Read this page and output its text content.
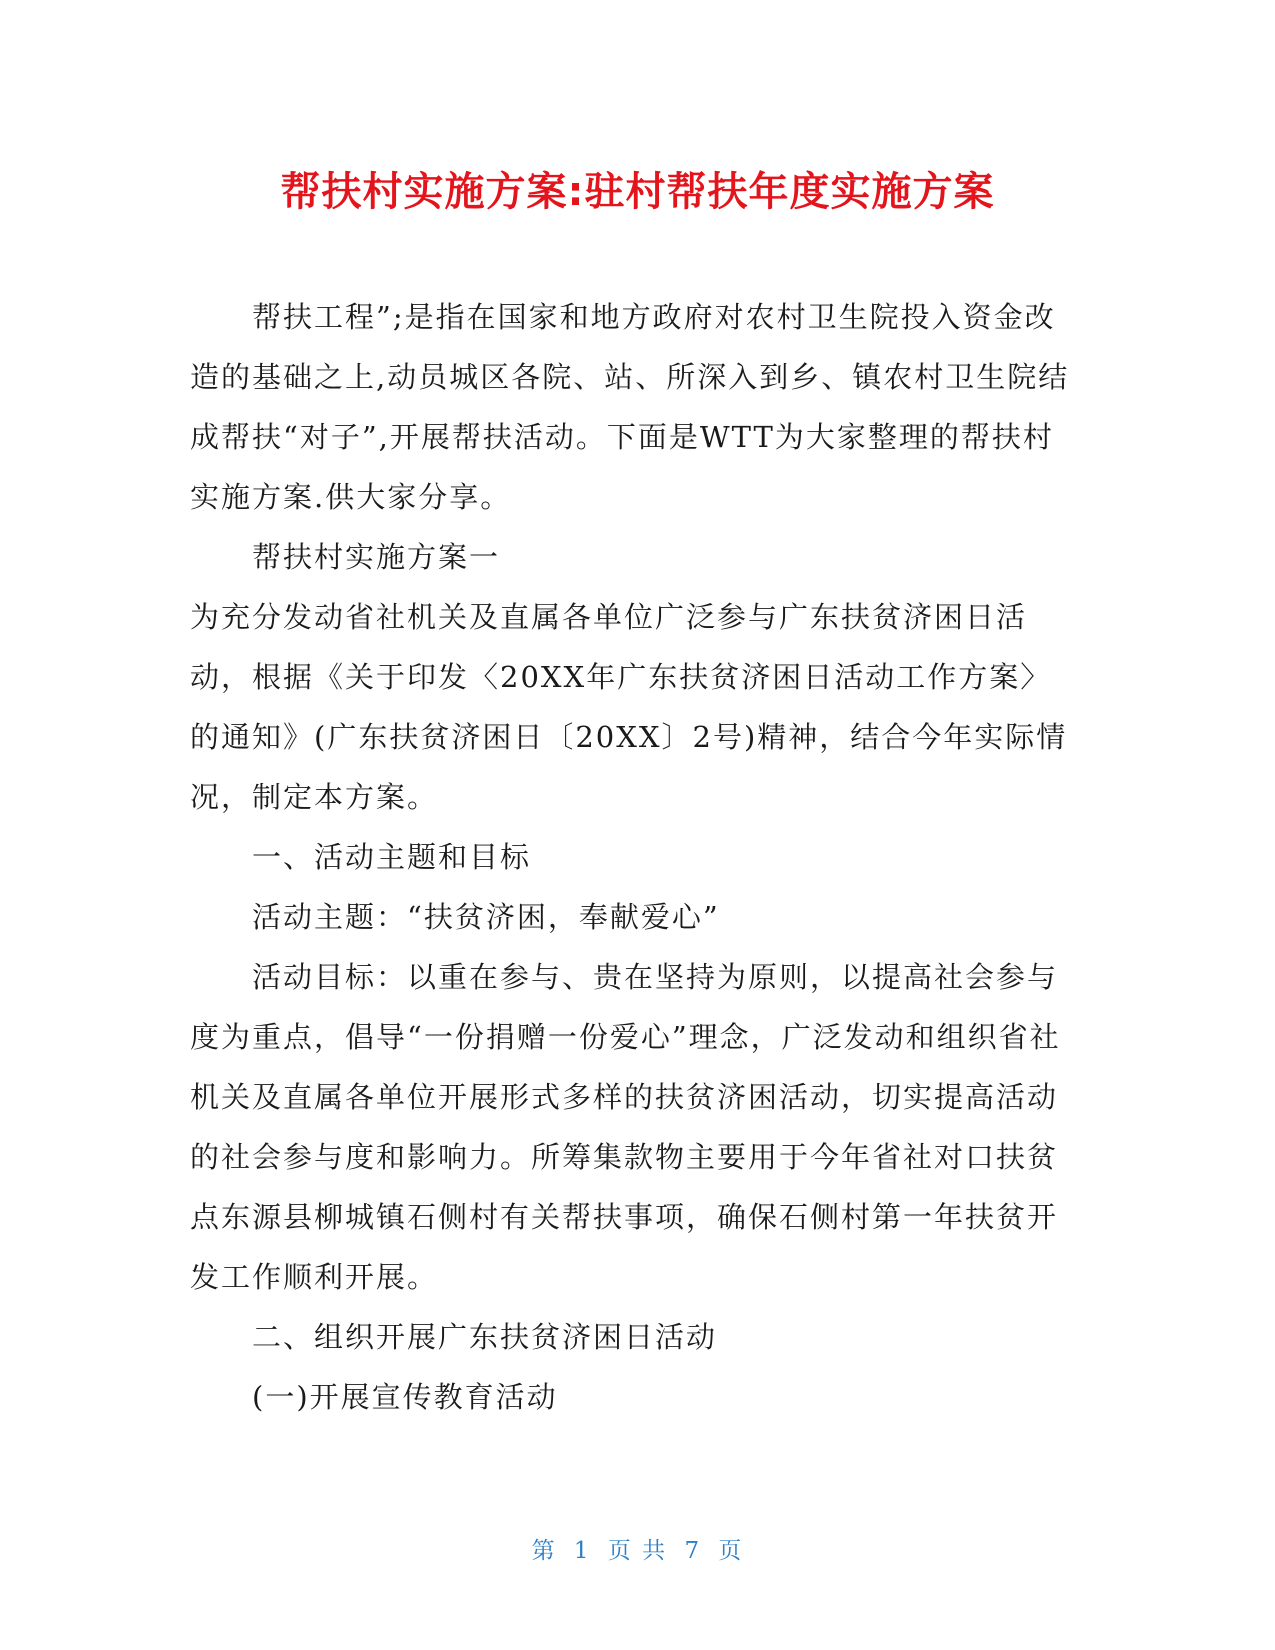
帮扶村实施方案:驻村帮扶年度实施方案

帮扶工程”;是指在国家和地方政府对农村卫生院投入资金改造的基础之上,动员城区各院、站、所深入到乡、镇农村卫生院结成帮扶“对子”,开展帮扶活动。下面是WTT为大家整理的帮扶村实施方案.供大家分享。

帮扶村实施方案一

为充分发动省社机关及直属各单位广泛参与广东扶贫济困日活动，根据《关于印发〈20XX年广东扶贫济困日活动工作方案〉的通知》(广东扶贫济困日〔20XX〕2号)精神，结合今年实际情况，制定本方案。

一、活动主题和目标

活动主题：“扶贫济困，奉献爱心”

活动目标：以重在参与、贵在坚持为原则，以提高社会参与度为重点，倡导“一份捐赠一份爱心”理念，广泛发动和组织省社机关及直属各单位开展形式多样的扶贫济困活动，切实提高活动的社会参与度和影响力。所筹集款物主要用于今年省社对口扶贫点东源县柳城镇石侧村有关帮扶事项，确保石侧村第一年扶贫开发工作顺利开展。

二、组织开展广东扶贫济困日活动

(一)开展宣传教育活动

第 1 页 共 7 页
